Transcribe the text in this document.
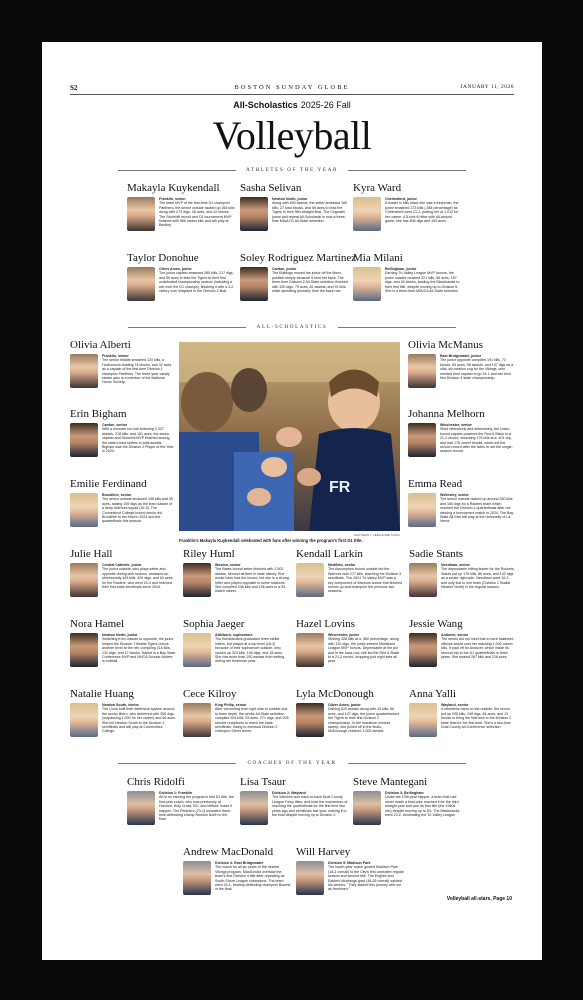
S2	BOSTON SUNDAY GLOBE	JANUARY 11, 2026
All-Scholastics 2025-26 Fall
Volleyball
ATHLETES OF THE YEAR
ALL-SCHOLASTICS
COACHES OF THE YEAR
FR
MATTHEW J. LEE/GLOBE STAFF
Franklin's Makayla Kuykendall celebrated with fans after winning the program's first D1 title.
Makayla Kuykendall
Franklin, senior
The team MVP of the first-time D1 champion Panthers, the senior outside racked up 264 kills along with 274 digs, 38 aces, and 32 blocks. The Stonehill recruit and D1 tournament MVP finished with 966 career kills and will play at Bentley.
Sasha Selivan
Newton North, junior
Along with 693 assists, the setter amassed 165 kills, 27 total blocks, and 69 aces to lead the Tigers to their fifth-straight final. The Cogswell junior and repeat All-Scholastic is now a three-time MIAA D1 All-State selection.
Kyra Ward
Chelmsford, junior
A leader in kills since she was a freshman, the junior smashed 273 kills (.384 percentage) as Chelmsford went 21-1, putting her at 1,012 for her career. A 5-foot-6 hitter with all-around game, she has 806 digs and 190 aces.
Taylor Donohue
Oliver Ames, junior
The junior captain amassed 285 kills, 217 digs, and 59 aces to lead the Tigers to their first undefeated championship season (including a win over the D1 champs), finishing it with a 3-2 victory over Wayland in the Division 2 final.
Soley Rodriguez Martinez
Canton, junior
The Bulldogs moved the junior off the libero position simply because it held her back. The three-time Division 2 All-State selection finished with 330 digs, 79 aces, 82 assists, and 91 kills while operating primarily from the back row.
Mia Milani
Bellingham, junior
Earning Tri-Valley League MVP honors, the junior outside crushed 321 kills, 56 aces, 157 digs, and 26 blocks, leading the Blackhawks to their first title, despite moving up to Division 5. She is a three-time MAVCA All-State selection.
Olivia Alberti
Franklin, senior
The senior middle smashed 120 kills, a Hockomock-leading 74 blocks, and 32 aces as a captain of the first-time Division 1 champion Panthers. The three-year varsity starter also is a member of the National Honor Society.
Erin Bigham
Canton, senior
With a monster run line featuring 2,337 assists, 218 kills, and 161 aces, the senior captain and Stonehill MVP finished among the state's best setters in total assists. Bigham was the Division 2 Player of the Year in 2024.
Emilie Ferdinand
Brookline, senior
The senior outside smacked 198 kills and 39 aces, adding 159 digs as the lead outside of a deep Warriors squad (16-5). The Connecticut College-bound senior led Brookline to the final in 2024 and the quarterfinals this season.
Olivia McManus
East Bridgewater, junior
The junior opposite compiled 191 kills, 72 blocks, 65 aces, 96 assists, and 197 digs as a vital, six-rotation cog for the Vikings, who needed their captain to go 24-1 and win their first Division 4 state championship.
Johanna Melhorn
Winchester, senior
Stout offensively and defensively, the Union-bound captain powered the Red & Black to a 21-2 record, smacking 176 kills at a .401 clip, and had 176 career blocks, which set the school record after the twins re-set the single-season record.
Emma Read
Wellesley, senior
The senior outside racked up around 250 kills and 160 digs for a Raiders team which reached the Division 1 quarterfinals after not winning a tournament match in 2024. The Bay State All-Star will play at the University of La Verne.
Julie Hall
Central Catholic, junior
The junior outside, who plays setter and opposite during club season, amassed an otherworldly 445 kills, 404 digs, and 63 aces for the Raiders, who went 20-4 and reached their first state semifinals since 2016.
Riley Huml
Weston, senior
The Bates-bound setter finished with 2,502 assists, second all-time in state history. She would have had the record, but she is a strong hitter and played opposite in some rotations. She compiled 246 kills and 106 aces in a 93-match career.
Kendall Larkin
Medfield, senior
The Assumption-bound outside led the Warriors with 277 kills, reaching the Division 3 semifinals. The 2024 Tri-Valley MVP was a key component of Warriors teams that finished runner-up and champion the previous two seasons.
Sadie Stants
Needham, senior
The dependable hitting leader for the Rockets, Stants put up 179 kills, 86 aces, and 142 digs as a senior right side. Needham went 16-3 and only lost to one team (Division 1 finalist Newton North) in the regular season.
Nora Hamel
Newton North, junior
Switching from outside to opposite, the junior helped the Division 1 finalist Tigers unlock another level at the net, compiling 216 kills, 132 digs, and 17 blocks. Hamel is a Bay State Conference MVP and NHCA Scholar Athlete in softball.
Sophia Jaeger
Attleboro, sophomore
The Bombardiers graduated three stellar hitters, but stayed at a top level (18-3) because of their sophomore outside, who racked up 323 kills, 106 digs, and 18 aces. She has more than 200 assists from setting during her freshman year.
Hazel Lovins
Winchester, junior
Striking 328 kills at a .360 percentage, along with 120 digs, the junior earned Middlesex League MVP honors. Dependable at the pin and in the back row, she led the Red & Black to a 21-2 record, dropping just eight sets all year.
Jessie Wang
Andover, senior
The senior did not mind that a more balanced offense would cost her reaching 1,000 career kills. It paid off for Andover, which made its second trip to the D1 quarterfinals in three years. She totaled 267 kills and 216 aces.
Natalie Huang
Newton South, senior
The Lions built their defensive system around the senior libero, who delivered with 356 digs (surpassing 1,000 for her career) and 66 aces. She led Newton South to the Division 1 semifinals and will play at Connecticut College.
Cece Kilroy
King Philip, senior
After converting from right side to outside due to team depth, the senior All-State selection compiled 303 kills, 53 aces, 271 digs, and 205 service receptions to reach the state semifinals, losing to eventual Division 2 champion Oliver Ames.
Lyla McDonough
Oliver Ames, junior
Dishing 619 assists along with 43 kills, 66 aces, and 137 digs, the junior quarterbacked the Tigers to their first Division 2 championship. In the marathon reverse sweep, she pulled off in the finals, McDonough reached 1,000 assists.
Anna Yalli
Wayland, senior
A relentless hand on the outside, the senior put up 296 kills, 248 digs, 84 aces, and 13 blocks to bring the Warriors to the Division 2 state final for the first time. She's a two-time Dual County All-Conference selection.
Chris Ridolfi
Division 1: Franklin
All-in on winning the program's first D1 title, the first-year coach, who was previously at Harvard, Holy Cross, BC, and Milford, made it happen. The Panthers (23-2) unseated three-time-defending champ Newton North in the final.
Lisa Tsaur
Division 2: Wayland
The Warriors won back-to-back Dual County League Foley titles, and rode the momentum of reaching the quarterfinals for the first time two years ago and semifinals last year, making it to the final despite moving up to Division 2.
Steve Mantegani
Division 3: Bellingham
Under the 10th-year skipper, a team that had never made a final prior reached it for the third straight year and won its first title (the 1960s win) despite moving up to D5. The Blackhawks went 22-2, dominating the Tri-Valley League.
Andrew MacDonald
Division 4: East Bridgewater
The coach for all six years of the newest Vikings program, MacDonald oversaw the team's first Division 4 title after repeating as South Shore League champions. The team went 24-1, beating defending champion Bourne in the final.
Will Harvey
Division 5: Madison Park
The fourth-year coach guided Madison Park (16-1 overall) to the City's first unbeaten regular season and second title. The English and Eastern Mustangs grad (48-26 overall) saluted his seniors: "They started this journey with me as freshmen."
Volleyball all-stars, Page 10
